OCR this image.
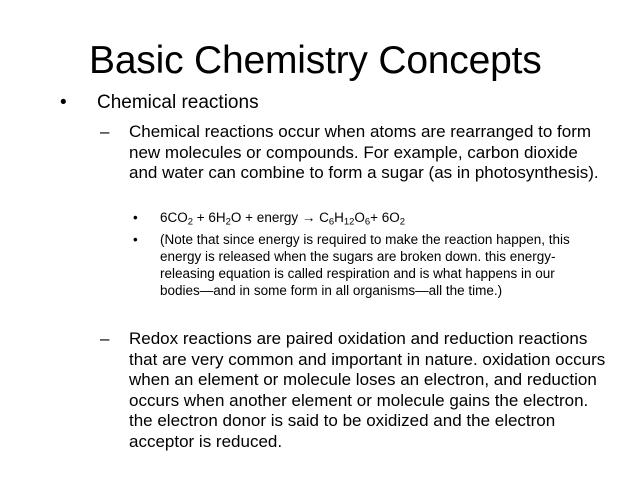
Basic Chemistry Concepts
•	Chemical reactions
– Chemical reactions occur when atoms are rearranged to form new molecules or compounds. For example, carbon dioxide and water can combine to form a sugar (as in photosynthesis).
• $6CO_2 + 6H_2O$ + energy → $C_6H_{12}O_6+ 6O_2$
• (Note that since energy is required to make the reaction happen, this energy is released when the sugars are broken down. this energy-releasing equation is called respiration and is what happens in our bodies—and in some form in all organisms—all the time.)
– Redox reactions are paired oxidation and reduction reactions that are very common and important in nature. oxidation occurs when an element or molecule loses an electron, and reduction occurs when another element or molecule gains the electron. the electron donor is said to be oxidized and the electron acceptor is reduced.
